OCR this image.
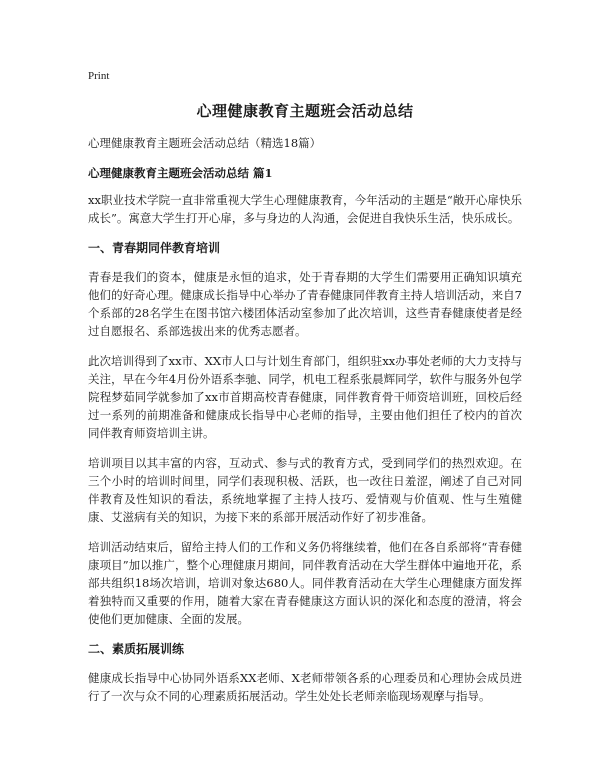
Print

心理健康教育主题班会活动总结

心理健康教育主题班会活动总结（精选18篇）

心理健康教育主题班会活动总结 篇1

xx职业技术学院一直非常重视大学生心理健康教育，今年活动的主题是“敞开心扉快乐成长”。寓意大学生打开心扉，多与身边的人沟通，会促进自我快乐生活，快乐成长。

一、青春期同伴教育培训

青春是我们的资本，健康是永恒的追求，处于青春期的大学生们需要用正确知识填充他们的好奇心理。健康成长指导中心举办了青春健康同伴教育主持人培训活动，来自7个系部的28名学生在图书馆六楼团体活动室参加了此次培训，这些青春健康使者是经过自愿报名、系部选拔出来的优秀志愿者。

此次培训得到了xx市、XX市人口与计划生育部门，组织驻xx办事处老师的大力支持与关注，早在今年4月份外语系李驰、同学，机电工程系张晨辉同学，软件与服务外包学院程梦茹同学就参加了xx市首期高校青春健康，同伴教育骨干师资培训班，回校后经过一系列的前期准备和健康成长指导中心老师的指导，主要由他们担任了校内的首次同伴教育师资培训主讲。

培训项目以其丰富的内容，互动式、参与式的教育方式，受到同学们的热烈欢迎。在三个小时的培训时间里，同学们表现积极、活跃，也一改往日羞涩，阐述了自己对同伴教育及性知识的看法，系统地掌握了主持人技巧、爱情观与价值观、性与生殖健康、艾滋病有关的知识，为接下来的系部开展活动作好了初步准备。

培训活动结束后，留给主持人们的工作和义务仍将继续着，他们在各自系部将“青春健康项目”加以推广，整个心理健康月期间，同伴教育活动在大学生群体中遍地开花，系部共组织18场次培训，培训对象达680人。同伴教育活动在大学生心理健康方面发挥着独特而又重要的作用，随着大家在青春健康这方面认识的深化和态度的澄清，将会使他们更加健康、全面的发展。

二、素质拓展训练

健康成长指导中心协同外语系XX老师、X老师带领各系的心理委员和心理协会成员进行了一次与众不同的心理素质拓展活动。学生处处长老师亲临现场观摩与指导。
